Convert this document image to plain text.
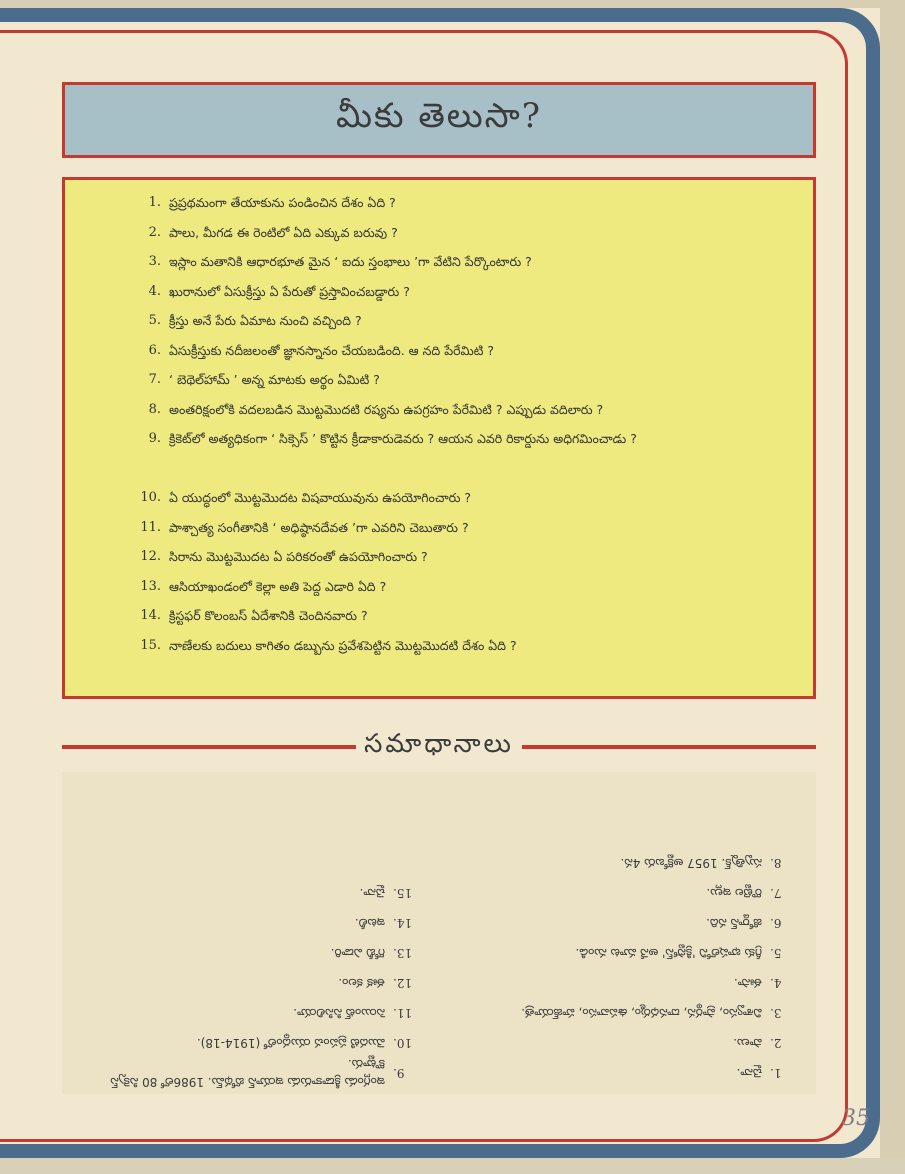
మీకు తెలుసా?
1. ప్రప్రథమంగా తేయాకును పండించిన దేశం ఏది ?
2. పాలు, మీగడ ఈ రెంటిలో ఏది ఎక్కువ బరువు ?
3. ఇస్లాం మతానికి ఆధారభూత మైన ‘ ఐదు స్తంభాలు ’గా వేటిని పేర్కొంటారు ?
4. ఖురానులో ఏసుక్రీస్తు ఏ పేరుతో ప్రస్తావించబడ్డారు ?
5. క్రీస్తు అనే పేరు ఏమాట నుంచి వచ్చింది ?
6. ఏసుక్రీస్తుకు నదీజలంతో జ్ఞానస్నానం చేయబడింది. ఆ నది పేరేమిటి ?
7. ‘ బెథెల్‌హామ్ ’ అన్న మాటకు అర్థం ఏమిటి ?
8. అంతరిక్షంలోకి వదలబడిన మొట్టమొదటి రష్యను ఉపగ్రహం పేరేమిటి ? ఎప్పుడు వదిలారు ?
9. క్రికెట్‌లో అత్యధికంగా ‘ సిక్సెస్ ’ కొట్టిన క్రీడాకారుడెవరు ? ఆయన ఎవరి రికార్డును అధిగమించాడు ?
10. ఏ యుద్ధంలో మొట్టమొదట విషవాయువును ఉపయోగించారు ?
11. పాశ్చాత్య సంగీతానికి ‘ అధిష్ఠానదేవత ’గా ఎవరిని చెబుతారు ?
12. సిరాను మొట్టమొదట ఏ పరికరంతో ఉపయోగించారు ?
13. ఆసియాఖండంలో కెల్లా అతి పెద్ద ఎడారి ఏది ?
14. క్రిస్టఫర్ కొలంబస్ ఏదేశానికి చెందినవారు ?
15. నాణేలకు బదులు కాగితం డబ్బును ప్రవేశపెట్టిన మొట్టమొదటి దేశం ఏది ?
సమాధానాలు
9.
ఇంగ్లండు క్రీడాకారుడు ఇయాన్ బోథమ్. 1986లో 80 సిక్సెస్ కొట్టారు.
10.
మొదటి ప్రపంచ యుద్ధంలో (1914-18).
11.
సెయింట్ సిసిలియా.
12.
ఈక కలం.
13.
గోబీ ఎడారి.
14.
ఇటలీ.
15.
చైనా.
1.
చైనా.
2.
పాలు.
3.
విశ్వాసం, ప్రార్థన, దానధర్మం, ఉపవాసం, హజ్‌యాత్ర.
4.
ఈసా.
5.
గ్రీకు భాషలోని 'క్రిస్టోస్' అనే మాట నుండి.
6.
జోర్డాన్ నది.
7.
రొట్టెల ఇల్లు.
8.
స్పుత్నిక్. 1957 అక్టోబరు 4న.
35
